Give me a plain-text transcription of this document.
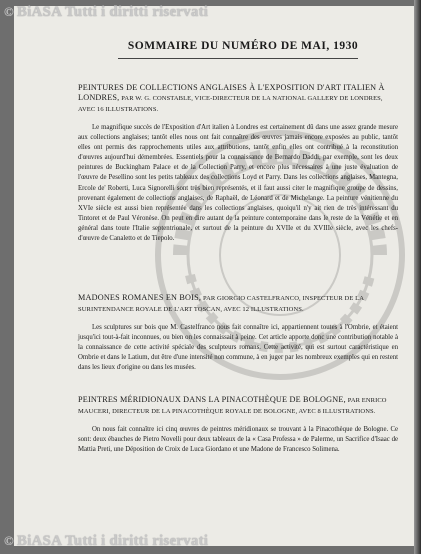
© BiASA Tutti i diritti riservati
SOMMAIRE DU NUMÉRO DE MAI, 1930

PEINTURES DE COLLECTIONS ANGLAISES À L'EXPOSITION D'ART ITALIEN À LONDRES, PAR W. G. CONSTABLE, VICE-DIRECTEUR DE LA NATIONAL GALLERY DE LONDRES, AVEC 16 ILLUSTRATIONS.

Le magnifique succès de l'Exposition d'Art italien à Londres est certainement dû dans une assez grande mesure aux collections anglaises; tantôt elles nous ont fait connaître des œuvres jamais encore exposées au public, tantôt elles ont permis des rapprochements utiles aux attributions, tantôt enfin elles ont contribué à la reconstitution d'œuvres aujourd'hui démembrées. Essentiels pour la connaissance de Bernardo Daddi, par exemple, sont les deux peintures de Buckingham Palace et de la Collection Parry, et encore plus nécessaires à une juste évaluation de l'œuvre de Pesellino sont les petits tableaux des collections Loyd et Parry. Dans les collections anglaises, Mantegna, Ercole de' Roberti, Luca Signorelli sont très bien représentés, et il faut aussi citer le magnifique groupe de dessins, provenant également de collections anglaises, de Raphaël, de Léonard et de Michelange. La peinture vénitienne du XVIe siècle est aussi bien représentée dans les collections anglaises, quoiqu'il n'y ait rien de très intéressant du Tintoret et de Paul Véronèse. On peut en dire autant de la peinture contemporaine dans le reste de la Vénétie et en général dans toute l'Italie septentrionale, et surtout de la peinture du XVIIe et du XVIIIe siècle, avec les chefs-d'œuvre de Canaletto et de Tiepolo.

MADONES ROMANES EN BOIS, PAR GIORGIO CASTELFRANCO, INSPECTEUR DE LA SURINTENDANCE ROYALE DE L'ART TOSCAN, AVEC 12 ILLUSTRATIONS.

Les sculptures sur bois que M. Castelfranco nous fait connaître ici, appartiennent toutes à l'Ombrie, et étaient jusqu'ici tout-à-fait inconnues, ou bien on les connaissait à peine. Cet article apporte donc une contribution notable à la connaissance de cette activité spéciale des sculpteurs romans. Cette activité, qui est surtout caractéristique en Ombrie et dans le Latium, dut être d'une intensité non commune, à en juger par les nombreux exemples qui en restent dans les lieux d'origine ou dans les musées.

PEINTRES MÉRIDIONAUX DANS LA PINACOTHÈQUE DE BOLOGNE, PAR ENRICO MAUCERI, DIRECTEUR DE LA PINACOTHÈQUE ROYALE DE BOLOGNE, AVEC 8 ILLUSTRATIONS.

On nous fait connaître ici cinq œuvres de peintres méridionaux se trouvant à la Pinacothèque de Bologne. Ce sont: deux ébauches de Pietro Novelli pour deux tableaux de la « Casa Professa » de Palerme, un Sacrifice d'Isaac de Mattia Preti, une Déposition de Croix de Luca Giordano et une Madone de Francesco Solimena.

© BiASA Tutti i diritti riservati
